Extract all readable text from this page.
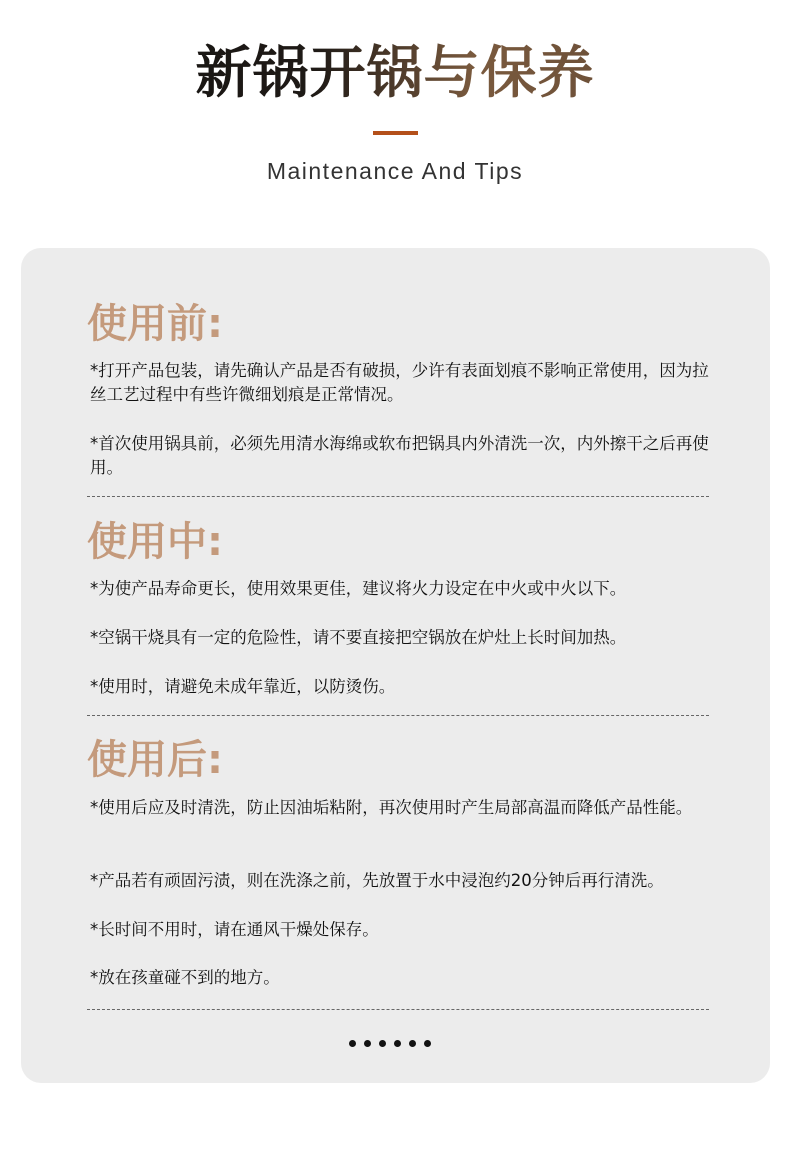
新锅开锅与保养
Maintenance And Tips
使用前:
*打开产品包装，请先确认产品是否有破损，少许有表面划痕不影响正常使用，因为拉丝工艺过程中有些许微细划痕是正常情况。
*首次使用锅具前，必须先用清水海绵或软布把锅具内外清洗一次，内外擦干之后再使用。
使用中:
*为使产品寿命更长，使用效果更佳，建议将火力设定在中火或中火以下。
*空锅干烧具有一定的危险性，请不要直接把空锅放在炉灶上长时间加热。
*使用时，请避免未成年靠近，以防烫伤。
使用后:
*使用后应及时清洗，防止因油垢粘附，再次使用时产生局部高温而降低产品性能。
*产品若有顽固污渍，则在洗涤之前，先放置于水中浸泡约20分钟后再行清洗。
*长时间不用时，请在通风干燥处保存。
*放在孩童碰不到的地方。
